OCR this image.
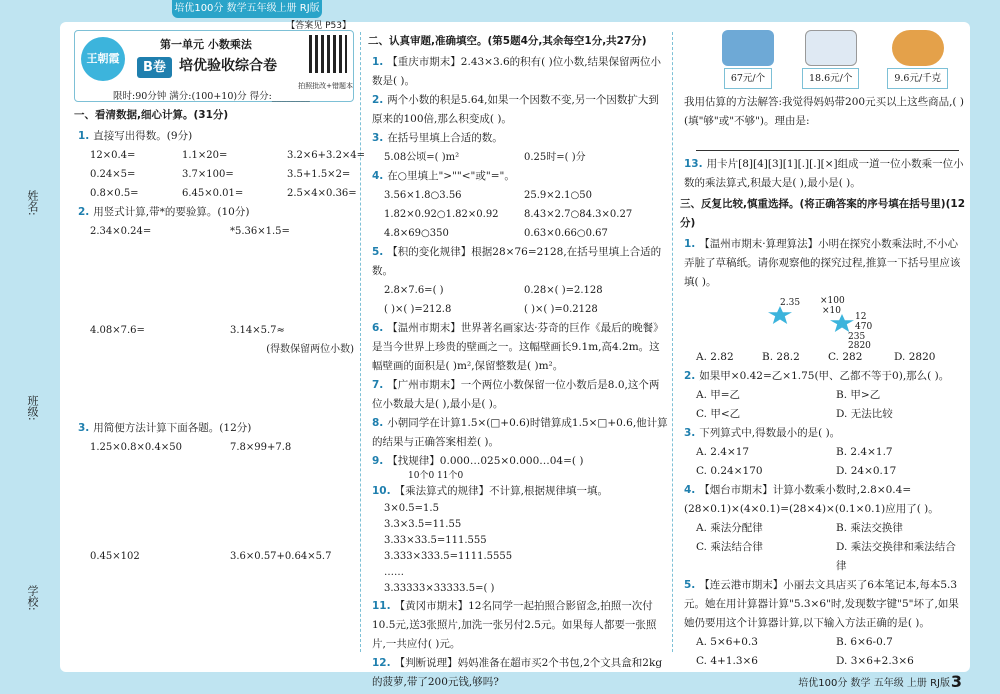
培优100分 数学五年级上册 RJ版
姓名:
班级:
学校:
王朝霞
第一单元 小数乘法
B卷 培优验收综合卷
【答案见 P53】
拍照批改+错题本
限时:90分钟 满分:(100+10)分 得分:________
一、看清数据,细心计算。(31分)
1. 直接写出得数。(9分)
12×0.4=	1.1×20=	3.2×6+3.2×4=
0.24×5=	3.7×100=	3.5+1.5×2=
0.8×0.5=	6.45×0.01=	2.5×4×0.36=
2. 用竖式计算,带*的要验算。(10分)
2.34×0.24=	*5.36×1.5=
4.08×7.6=	3.14×5.7≈
(得数保留两位小数)
3. 用简便方法计算下面各题。(12分)
1.25×0.8×0.4×50	7.8×99+7.8
0.45×102	3.6×0.57+0.64×5.7
二、认真审题,准确填空。(第5题4分,其余每空1分,共27分)
1. 【重庆市期末】2.43×3.6的积有( )位小数,结果保留两位小数是( )。
2. 两个小数的积是5.64,如果一个因数不变,另一个因数扩大到原来的100倍,那么积变成( )。
3. 在括号里填上合适的数。
5.08公顷=( )m²	0.25时=( )分
4. 在○里填上">""<"或"="。
3.56×1.8○3.56	25.9×2.1○50
1.82×0.92○1.82×0.92	8.43×2.7○84.3×0.27
4.8×69○350	0.63×0.66○0.67
5. 【积的变化规律】根据28×76=2128,在括号里填上合适的数。
2.8×7.6=( )	0.28×( )=2.128
( )×( )=212.8	( )×( )=0.2128
6. 【温州市期末】世界著名画家达·芬奇的巨作《最后的晚餐》是当今世界上珍贵的壁画之一。这幅壁画长9.1m,高4.2m。这幅壁画的面积是( )m²,保留整数是( )m²。
7. 【广州市期末】一个两位小数保留一位小数后是8.0,这个两位小数最大是( ),最小是( )。
8. 小朝同学在计算1.5×(□+0.6)时错算成1.5×□+0.6,他计算的结果与正确答案相差( )。
9. 【找规律】0.000…025×0.000…04=( )
10个0 11个0
10. 【乘法算式的规律】不计算,根据规律填一填。
3×0.5=1.5
3.3×3.5=11.55
3.33×33.5=111.555
3.333×333.5=1111.5555
……
3.33333×33333.5=( )
11. 【黄冈市期末】12名同学一起拍照合影留念,拍照一次付10.5元,送3张照片,加洗一张另付2.5元。如果每人都要一张照片,一共应付( )元。
12. 【判断说理】妈妈准备在超市买2个书包,2个文具盒和2kg的菠萝,带了200元钱,够吗?
67元/个	18.6元/个	9.6元/千克
我用估算的方法解答:我觉得妈妈带200元买以上这些商品,( )(填"够"或"不够")。理由是:
13. 用卡片[8][4][3][1][.][.][×]组成一道一位小数乘一位小数的乘法算式,积最大是( ),最小是( )。
三、反复比较,慎重选择。(将正确答案的序号填在括号里)(12分)
1. 【温州市期末·算理算法】小明在探究小数乘法时,不小心弄脏了草稿纸。请你观察他的探究过程,推算一下括号里应该填( )。
2.35 ×100
×10
12
470
235
2820
A. 2.82	B. 28.2	C. 282	D. 2820
2. 如果甲×0.42=乙×1.75(甲、乙都不等于0),那么( )。
A. 甲=乙	B. 甲>乙
C. 甲<乙	D. 无法比较
3. 下列算式中,得数最小的是( )。
A. 2.4×17	B. 2.4×1.7
C. 0.24×170	D. 24×0.17
4. 【烟台市期末】计算小数乘小数时,2.8×0.4=(28×0.1)×(4×0.1)=(28×4)×(0.1×0.1)应用了( )。
A. 乘法分配律	B. 乘法交换律
C. 乘法结合律	D. 乘法交换律和乘法结合律
5. 【连云港市期末】小丽去文具店买了6本笔记本,每本5.3元。她在用计算器计算"5.3×6"时,发现数字键"5"坏了,如果她仍要用这个计算器计算,以下输入方法正确的是( )。
A. 5×6+0.3	B. 6×6-0.7
C. 4+1.3×6	D. 3×6+2.3×6
培优100分 数学 五年级 上册 RJ版 3
